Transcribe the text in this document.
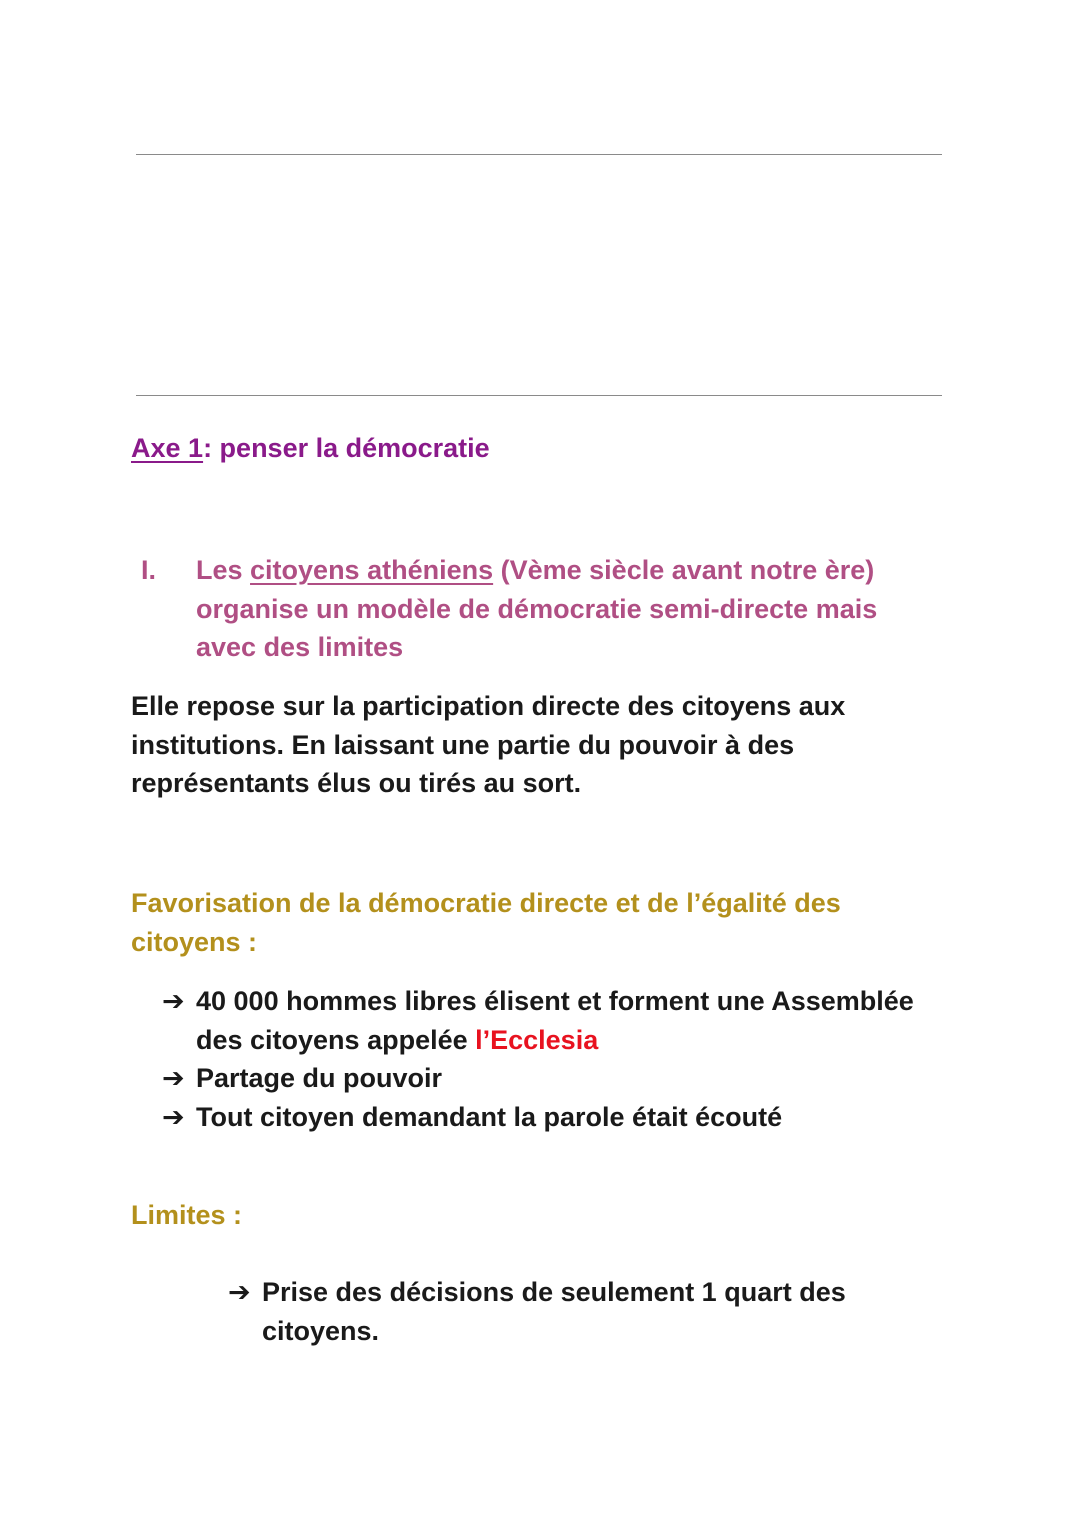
Axe 1: penser la démocratie
I. Les citoyens athéniens (Vème siècle avant notre ère) organise un modèle de démocratie semi-directe mais avec des limites
Elle repose sur la participation directe des citoyens aux institutions. En laissant une partie du pouvoir à des représentants élus ou tirés au sort.
Favorisation de la démocratie directe et de l’égalité des citoyens :
➔ 40 000 hommes libres élisent et forment une Assemblée des citoyens appelée l’Ecclesia
➔ Partage du pouvoir
➔ Tout citoyen demandant la parole était écouté
Limites :
➔ Prise des décisions de seulement 1 quart des citoyens.
